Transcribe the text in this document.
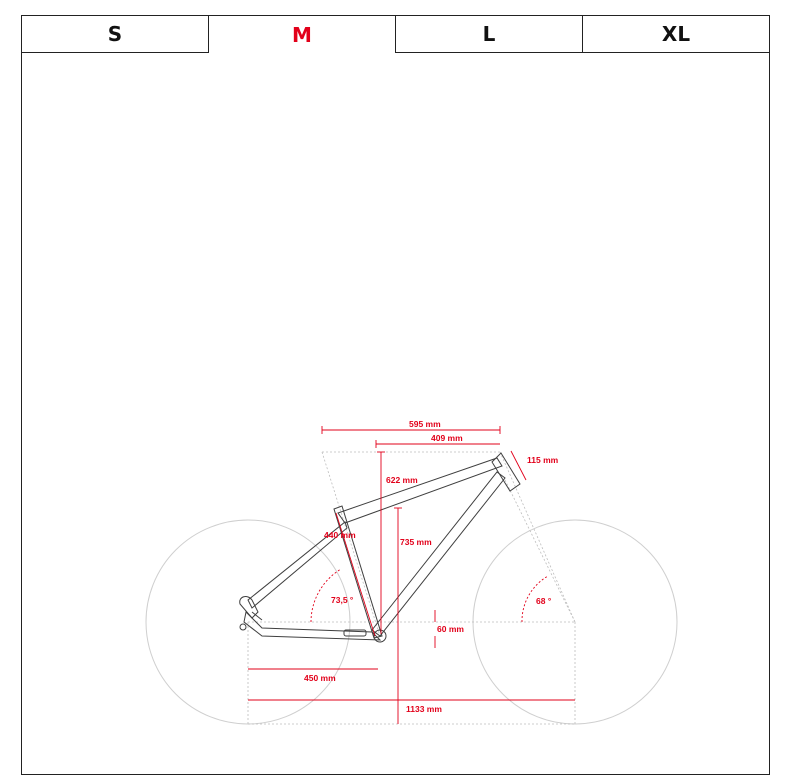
S	M	L	XL
595 mm
409 mm
115 mm
622 mm
440 mm
735 mm
73,5 °	68 °
60 mm
450 mm
1133 mm
